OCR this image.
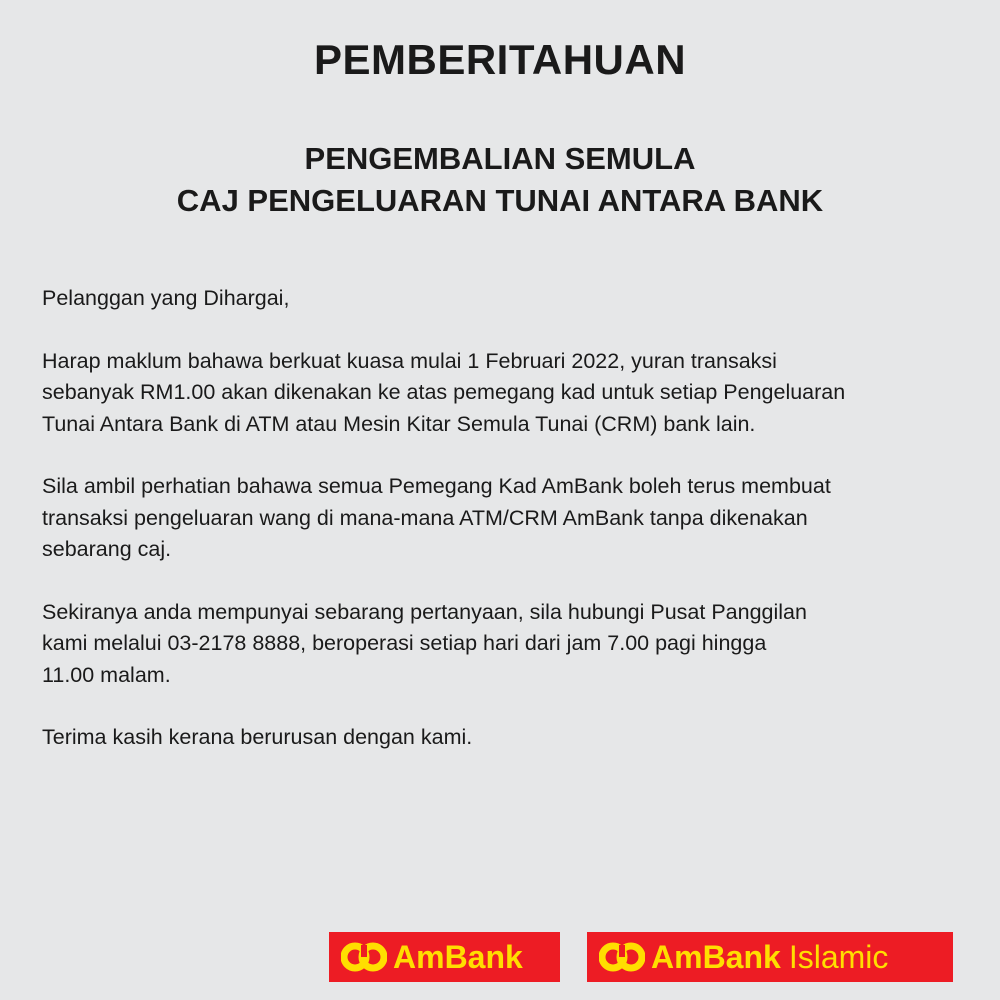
PEMBERITAHUAN
PENGEMBALIAN SEMULA
CAJ PENGELUARAN TUNAI ANTARA BANK

Pelanggan yang Dihargai,

Harap maklum bahawa berkuat kuasa mulai 1 Februari 2022, yuran transaksi
sebanyak RM1.00 akan dikenakan ke atas pemegang kad untuk setiap Pengeluaran
Tunai Antara Bank di ATM atau Mesin Kitar Semula Tunai (CRM) bank lain.

Sila ambil perhatian bahawa semua Pemegang Kad AmBank boleh terus membuat
transaksi pengeluaran wang di mana-mana ATM/CRM AmBank tanpa dikenakan
sebarang caj.

Sekiranya anda mempunyai sebarang pertanyaan, sila hubungi Pusat Panggilan
kami melalui 03-2178 8888, beroperasi setiap hari dari jam 7.00 pagi hingga
11.00 malam.

Terima kasih kerana berurusan dengan kami.

AmBank	AmBank Islamic
